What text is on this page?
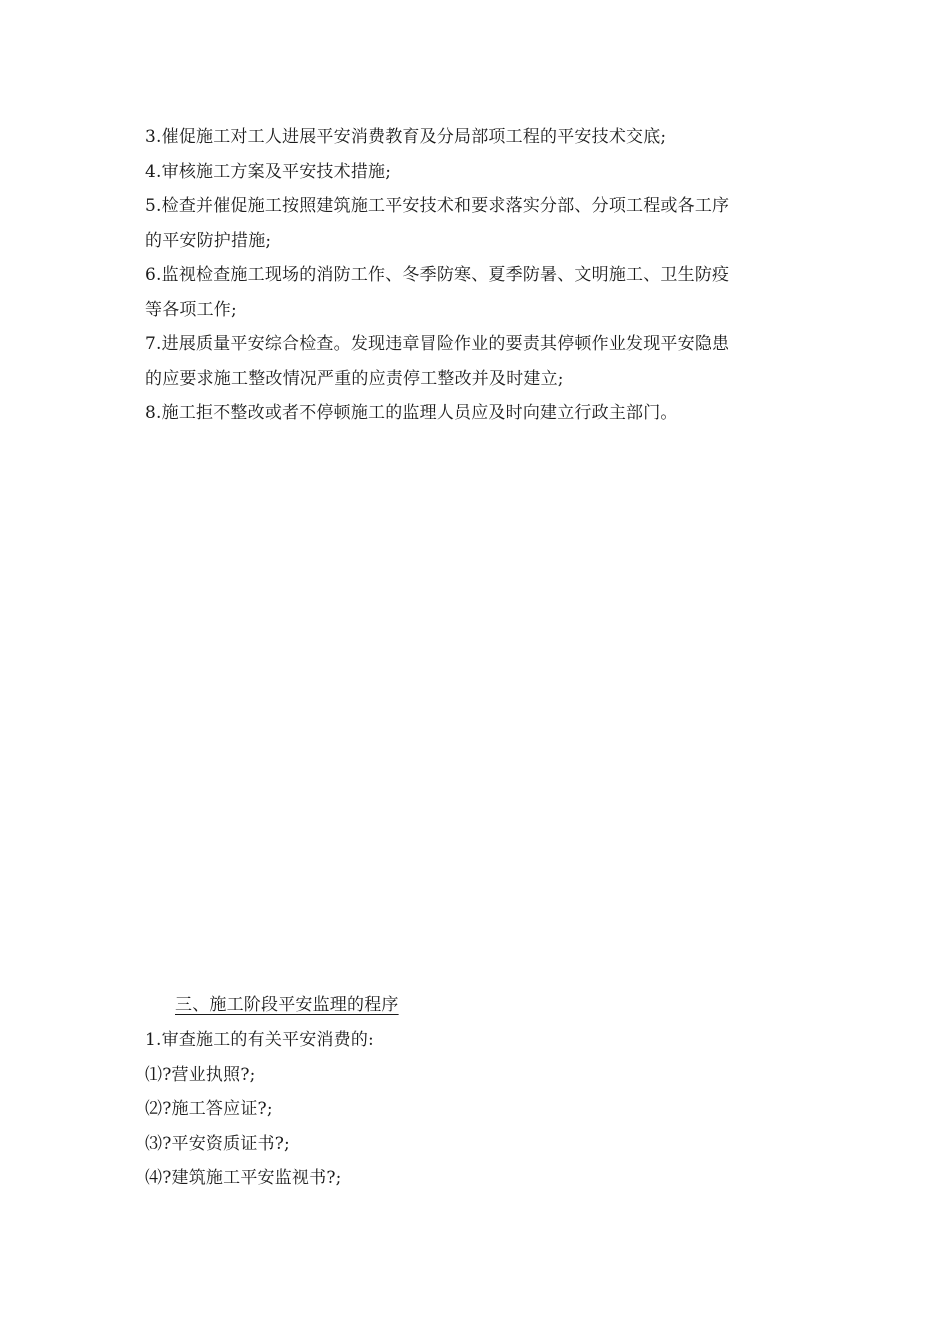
3.催促施工对工人进展平安消费教育及分局部项工程的平安技术交底;
4.审核施工方案及平安技术措施;
5.检查并催促施工按照建筑施工平安技术和要求落实分部、分项工程或各工序
的平安防护措施;
6.监视检查施工现场的消防工作、冬季防寒、夏季防暑、文明施工、卫生防疫
等各项工作;
7.进展质量平安综合检查。发现违章冒险作业的要责其停顿作业发现平安隐患
的应要求施工整改情况严重的应责停工整改并及时建立;
8.施工拒不整改或者不停顿施工的监理人员应及时向建立行政主部门。
三、施工阶段平安监理的程序
1.审查施工的有关平安消费的:
⑴?营业执照?;
⑵?施工答应证?;
⑶?平安资质证书?;
⑷?建筑施工平安监视书?;
